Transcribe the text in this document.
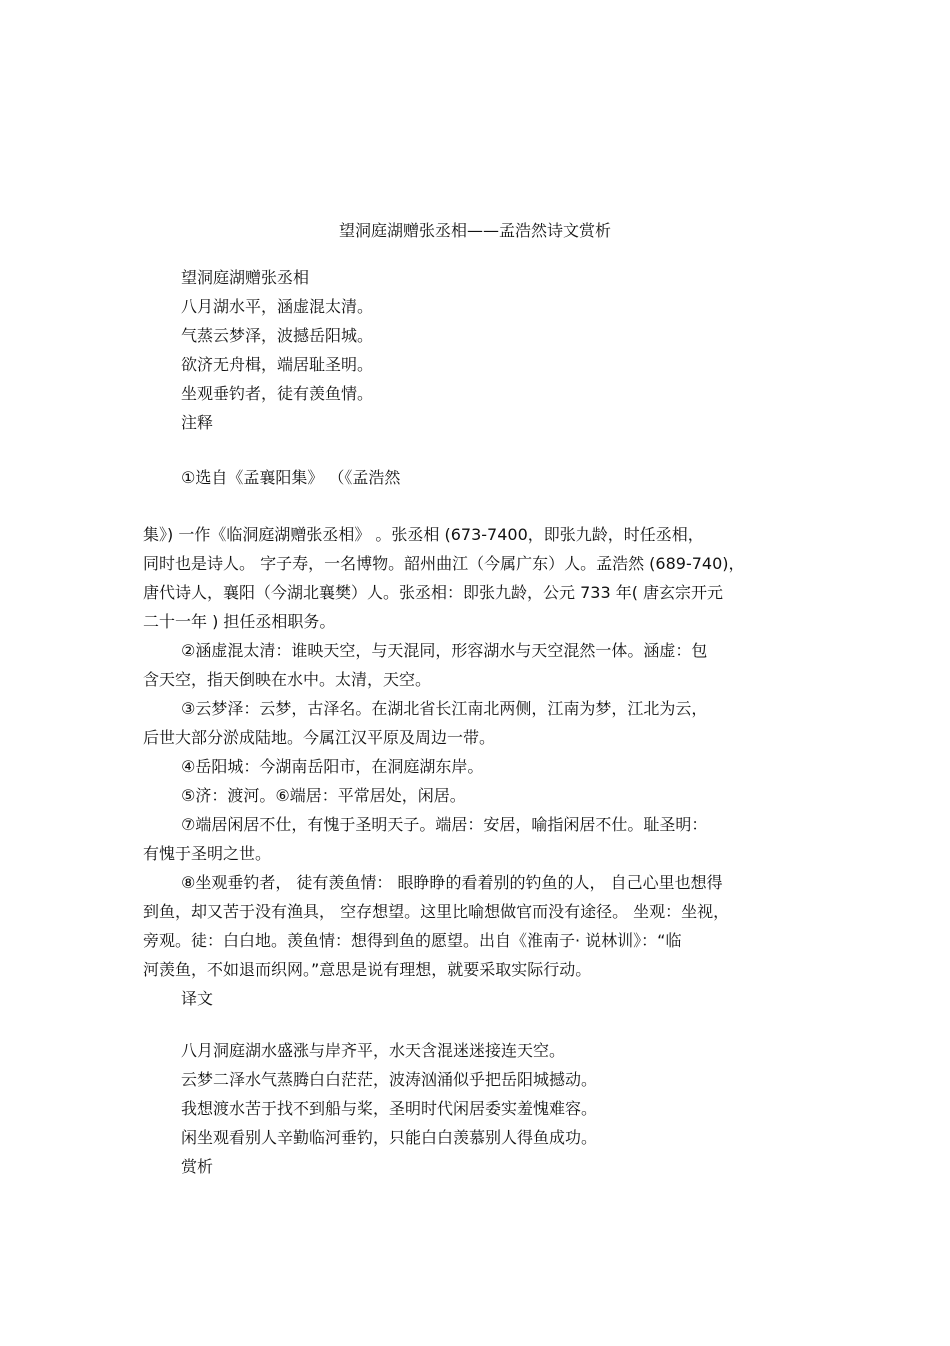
望洞庭湖赠张丞相——孟浩然诗文赏析
望洞庭湖赠张丞相
八月湖水平，涵虚混太清。
气蒸云梦泽，波撼岳阳城。
欲济无舟楫，端居耻圣明。
坐观垂钓者，徒有羡鱼情。
注释
①选自《孟襄阳集》 （《孟浩然
集》) 一作《临洞庭湖赠张丞相》 。张丞相 (673-7400，即张九龄，时任丞相，
同时也是诗人。 字子寿，一名博物。韶州曲江（今属广东）人。孟浩然 (689-740)，
唐代诗人，襄阳（今湖北襄樊）人。张丞相：即张九龄，公元 733 年( 唐玄宗开元
二十一年 ) 担任丞相职务。
②涵虚混太清：谁映天空，与天混同，形容湖水与天空混然一体。涵虚：包
含天空，指天倒映在水中。太清，天空。
③云梦泽：云梦，古泽名。在湖北省长江南北两侧，江南为梦，江北为云，
后世大部分淤成陆地。今属江汉平原及周边一带。
④岳阳城：今湖南岳阳市，在洞庭湖东岸。
⑤济：渡河。⑥端居：平常居处，闲居。
⑦端居闲居不仕，有愧于圣明天子。端居：安居，喻指闲居不仕。耻圣明：
有愧于圣明之世。
⑧坐观垂钓者， 徒有羡鱼情： 眼睁睁的看着别的钓鱼的人， 自己心里也想得
到鱼，却又苦于没有渔具， 空存想望。这里比喻想做官而没有途径。 坐观：坐视，
旁观。徒：白白地。羡鱼情：想得到鱼的愿望。出自《淮南子· 说林训》：“临
河羡鱼，不如退而织网。”意思是说有理想，就要采取实际行动。
译文
八月洞庭湖水盛涨与岸齐平，水天含混迷迷接连天空。
云梦二泽水气蒸腾白白茫茫，波涛汹涌似乎把岳阳城撼动。
我想渡水苦于找不到船与桨，圣明时代闲居委实羞愧难容。
闲坐观看别人辛勤临河垂钓，只能白白羡慕别人得鱼成功。
赏析
